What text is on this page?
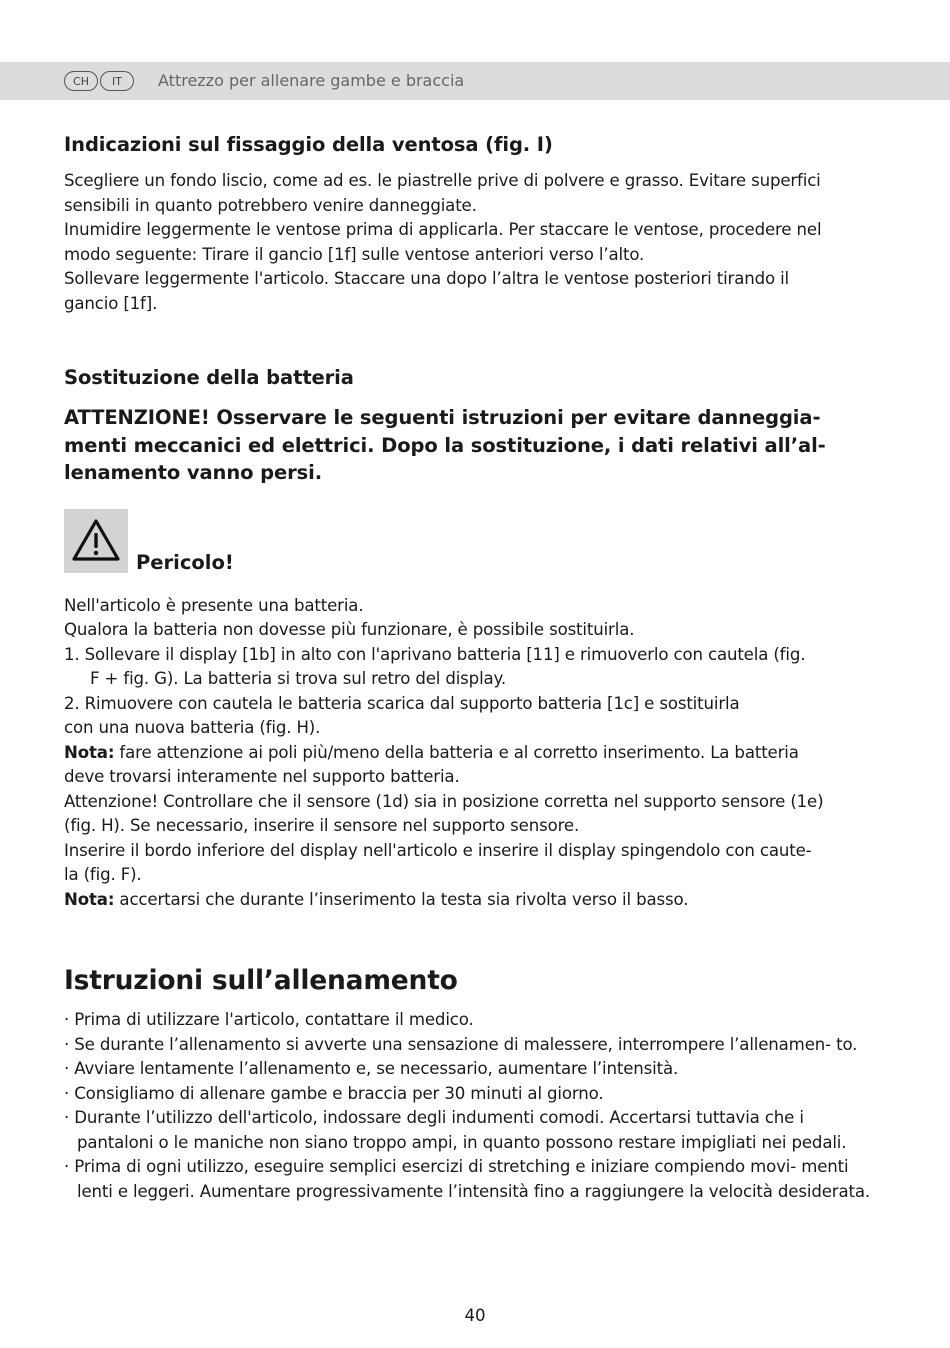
CH	IT	Attrezzo per allenare gambe e braccia
Indicazioni sul fissaggio della ventosa (fig. I)

Scegliere un fondo liscio, come ad es. le piastrelle prive di polvere e grasso. Evitare superfici

sensibili in quanto potrebbero venire danneggiate.

Inumidire leggermente le ventose prima di applicarla. Per staccare le ventose, procedere nel

modo seguente: Tirare il gancio [1f] sulle ventose anteriori verso l’alto.

Sollevare leggermente l'articolo. Staccare una dopo l’altra le ventose posteriori tirando il

gancio [1f].

Sostituzione della batteria

ATTENZIONE! Osservare le seguenti istruzioni per evitare danneggia-

menti meccanici ed elettrici. Dopo la sostituzione, i dati relativi all’al-

lenamento vanno persi.

Pericolo!

Nell'articolo è presente una batteria.

Qualora la batteria non dovesse più funzionare, è possibile sostituirla.

1. Sollevare il display [1b] in alto con l'aprivano batteria [11] e rimuoverlo con cautela (fig.

F + fig. G). La batteria si trova sul retro del display.

2. Rimuovere con cautela le batteria scarica dal supporto batteria [1c] e sostituirla

con una nuova batteria (fig. H).

Nota: fare attenzione ai poli più/meno della batteria e al corretto inserimento. La batteria

deve trovarsi interamente nel supporto batteria.

Attenzione! Controllare che il sensore (1d) sia in posizione corretta nel supporto sensore (1e)

(fig. H). Se necessario, inserire il sensore nel supporto sensore.

Inserire il bordo inferiore del display nell'articolo e inserire il display spingendolo con caute-

la (fig. F).

Nota: accertarsi che durante l’inserimento la testa sia rivolta verso il basso.

Istruzioni sull’allenamento

· Prima di utilizzare l'articolo, contattare il medico.

· Se durante l’allenamento si avverte una sensazione di malessere, interrompere l’allenamen- to.

· Avviare lentamente l’allenamento e, se necessario, aumentare l’intensità.

· Consigliamo di allenare gambe e braccia per 30 minuti al giorno.

· Durante l’utilizzo dell'articolo, indossare degli indumenti comodi. Accertarsi tuttavia che i pantaloni o le maniche non siano troppo ampi, in quanto possono restare impigliati nei pedali.

· Prima di ogni utilizzo, eseguire semplici esercizi di stretching e iniziare compiendo movi- menti lenti e leggeri. Aumentare progressivamente l’intensità fino a raggiungere la velocità desiderata.

40
